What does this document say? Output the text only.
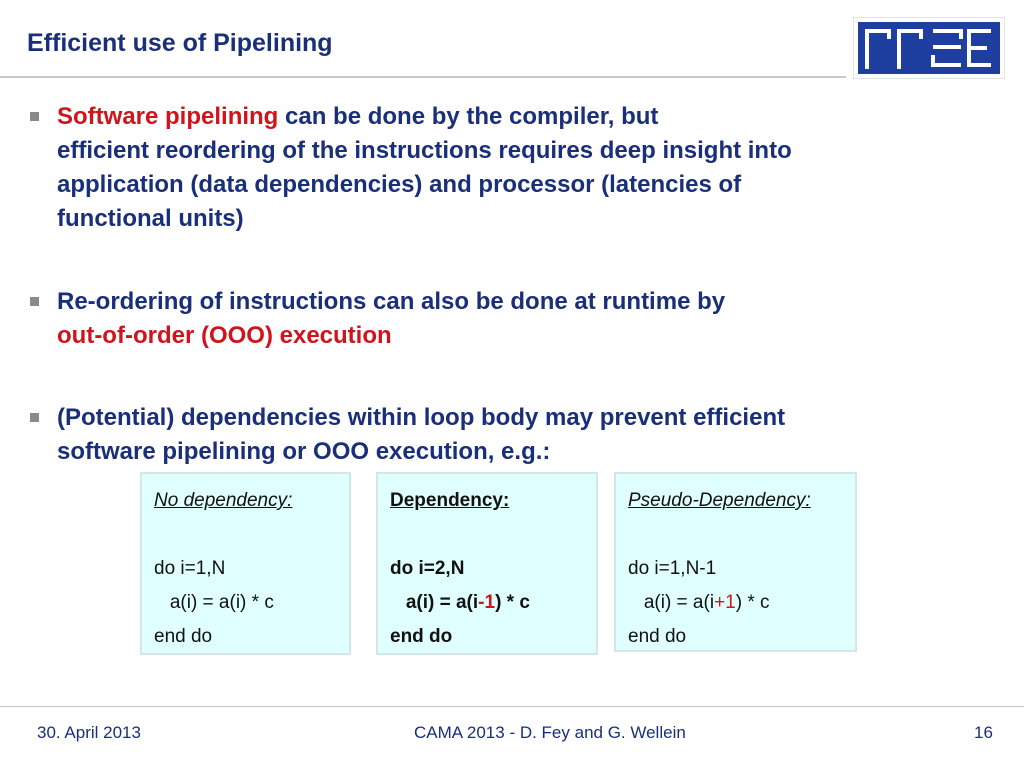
Efficient use of Pipelining
Software pipelining can be done by the compiler, but
efficient reordering of the instructions requires deep insight into
application (data dependencies) and processor (latencies of
functional units)
Re-ordering of instructions can also be done at runtime by
out-of-order (OOO) execution
(Potential) dependencies within loop body may prevent efficient
software pipelining or OOO execution, e.g.:
No dependency:

do i=1,N
a(i) = a(i) * c
end do
Dependency:

do i=2,N
a(i) = a(i-1) * c
end do
Pseudo-Dependency:

do i=1,N-1
a(i) = a(i+1) * c
end do
30. April 2013	CAMA 2013 - D. Fey and G. Wellein	16
